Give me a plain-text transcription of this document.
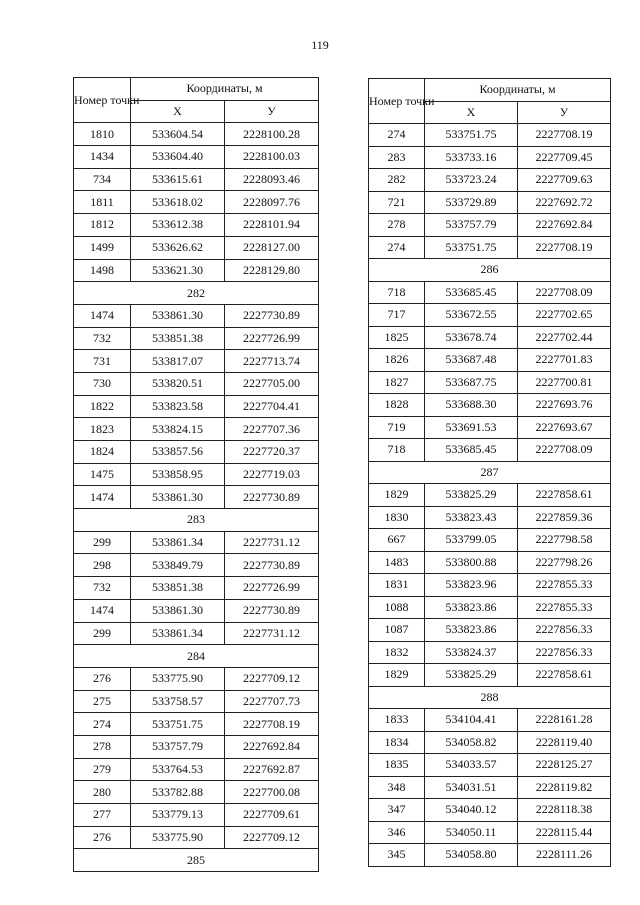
119
Номер точки	Координаты, м	
	X	У
1810	533604.54	2228100.28
1434	533604.40	2228100.03
734	533615.61	2228093.46
1811	533618.02	2228097.76
1812	533612.38	2228101.94
1499	533626.62	2228127.00
1498	533621.30	2228129.80
282		
1474	533861.30	2227730.89
732	533851.38	2227726.99
731	533817.07	2227713.74
730	533820.51	2227705.00
1822	533823.58	2227704.41
1823	533824.15	2227707.36
1824	533857.56	2227720.37
1475	533858.95	2227719.03
1474	533861.30	2227730.89
283		
299	533861.34	2227731.12
298	533849.79	2227730.89
732	533851.38	2227726.99
1474	533861.30	2227730.89
299	533861.34	2227731.12
284		
276	533775.90	2227709.12
275	533758.57	2227707.73
274	533751.75	2227708.19
278	533757.79	2227692.84
279	533764.53	2227692.87
280	533782.88	2227700.08
277	533779.13	2227709.61
276	533775.90	2227709.12
285		
Номер точки	Координаты, м	
	X	У
274	533751.75	2227708.19
283	533733.16	2227709.45
282	533723.24	2227709.63
721	533729.89	2227692.72
278	533757.79	2227692.84
274	533751.75	2227708.19
286		
718	533685.45	2227708.09
717	533672.55	2227702.65
1825	533678.74	2227702.44
1826	533687.48	2227701.83
1827	533687.75	2227700.81
1828	533688.30	2227693.76
719	533691.53	2227693.67
718	533685.45	2227708.09
287		
1829	533825.29	2227858.61
1830	533823.43	2227859.36
667	533799.05	2227798.58
1483	533800.88	2227798.26
1831	533823.96	2227855.33
1088	533823.86	2227855.33
1087	533823.86	2227856.33
1832	533824.37	2227856.33
1829	533825.29	2227858.61
288		
1833	534104.41	2228161.28
1834	534058.82	2228119.40
1835	534033.57	2228125.27
348	534031.51	2228119.82
347	534040.12	2228118.38
346	534050.11	2228115.44
345	534058.80	2228111.26
